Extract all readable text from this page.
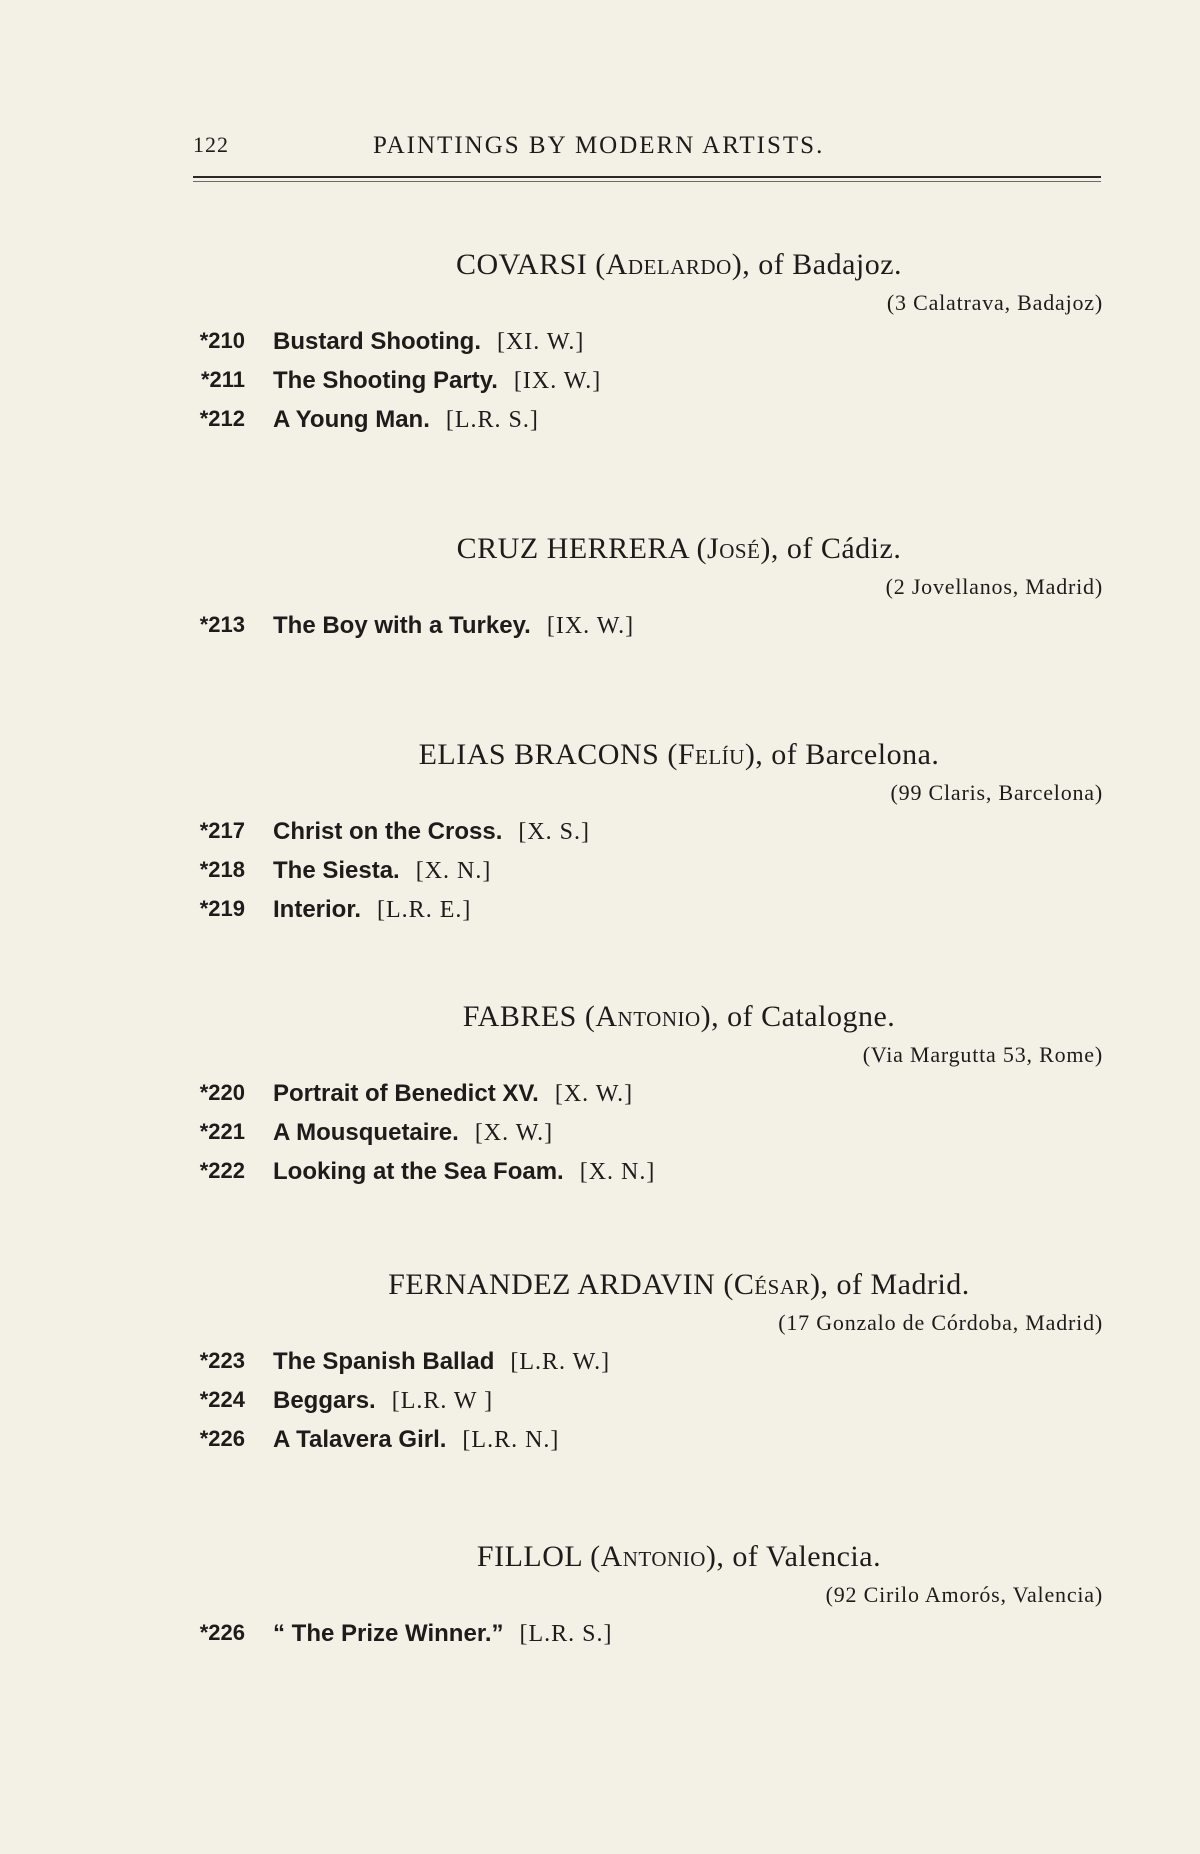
122	PAINTINGS BY MODERN ARTISTS.
COVARSI (Adelardo), of Badajoz.
(3 Calatrava, Badajoz)
*210 Bustard Shooting. [XI. W.]
*211 The Shooting Party. [IX. W.]
*212 A Young Man. [L.R. S.]
CRUZ HERRERA (José), of Cádiz.
(2 Jovellanos, Madrid)
*213 The Boy with a Turkey. [IX. W.]
ELIAS BRACONS (Felíu), of Barcelona.
(99 Claris, Barcelona)
*217 Christ on the Cross. [X. S.]
*218 The Siesta. [X. N.]
*219 Interior. [L.R. E.]
FABRES (Antonio), of Catalogne.
(Via Margutta 53, Rome)
*220 Portrait of Benedict XV. [X. W.]
*221 A Mousquetaire. [X. W.]
*222 Looking at the Sea Foam. [X. N.]
FERNANDEZ ARDAVIN (César), of Madrid.
(17 Gonzalo de Córdoba, Madrid)
*223 The Spanish Ballad [L.R. W.]
*224 Beggars. [L.R. W ]
*226 A Talavera Girl. [L.R. N.]
FILLOL (Antonio), of Valencia.
(92 Cirilo Amorós, Valencia)
*226 “ The Prize Winner.” [L.R. S.]
